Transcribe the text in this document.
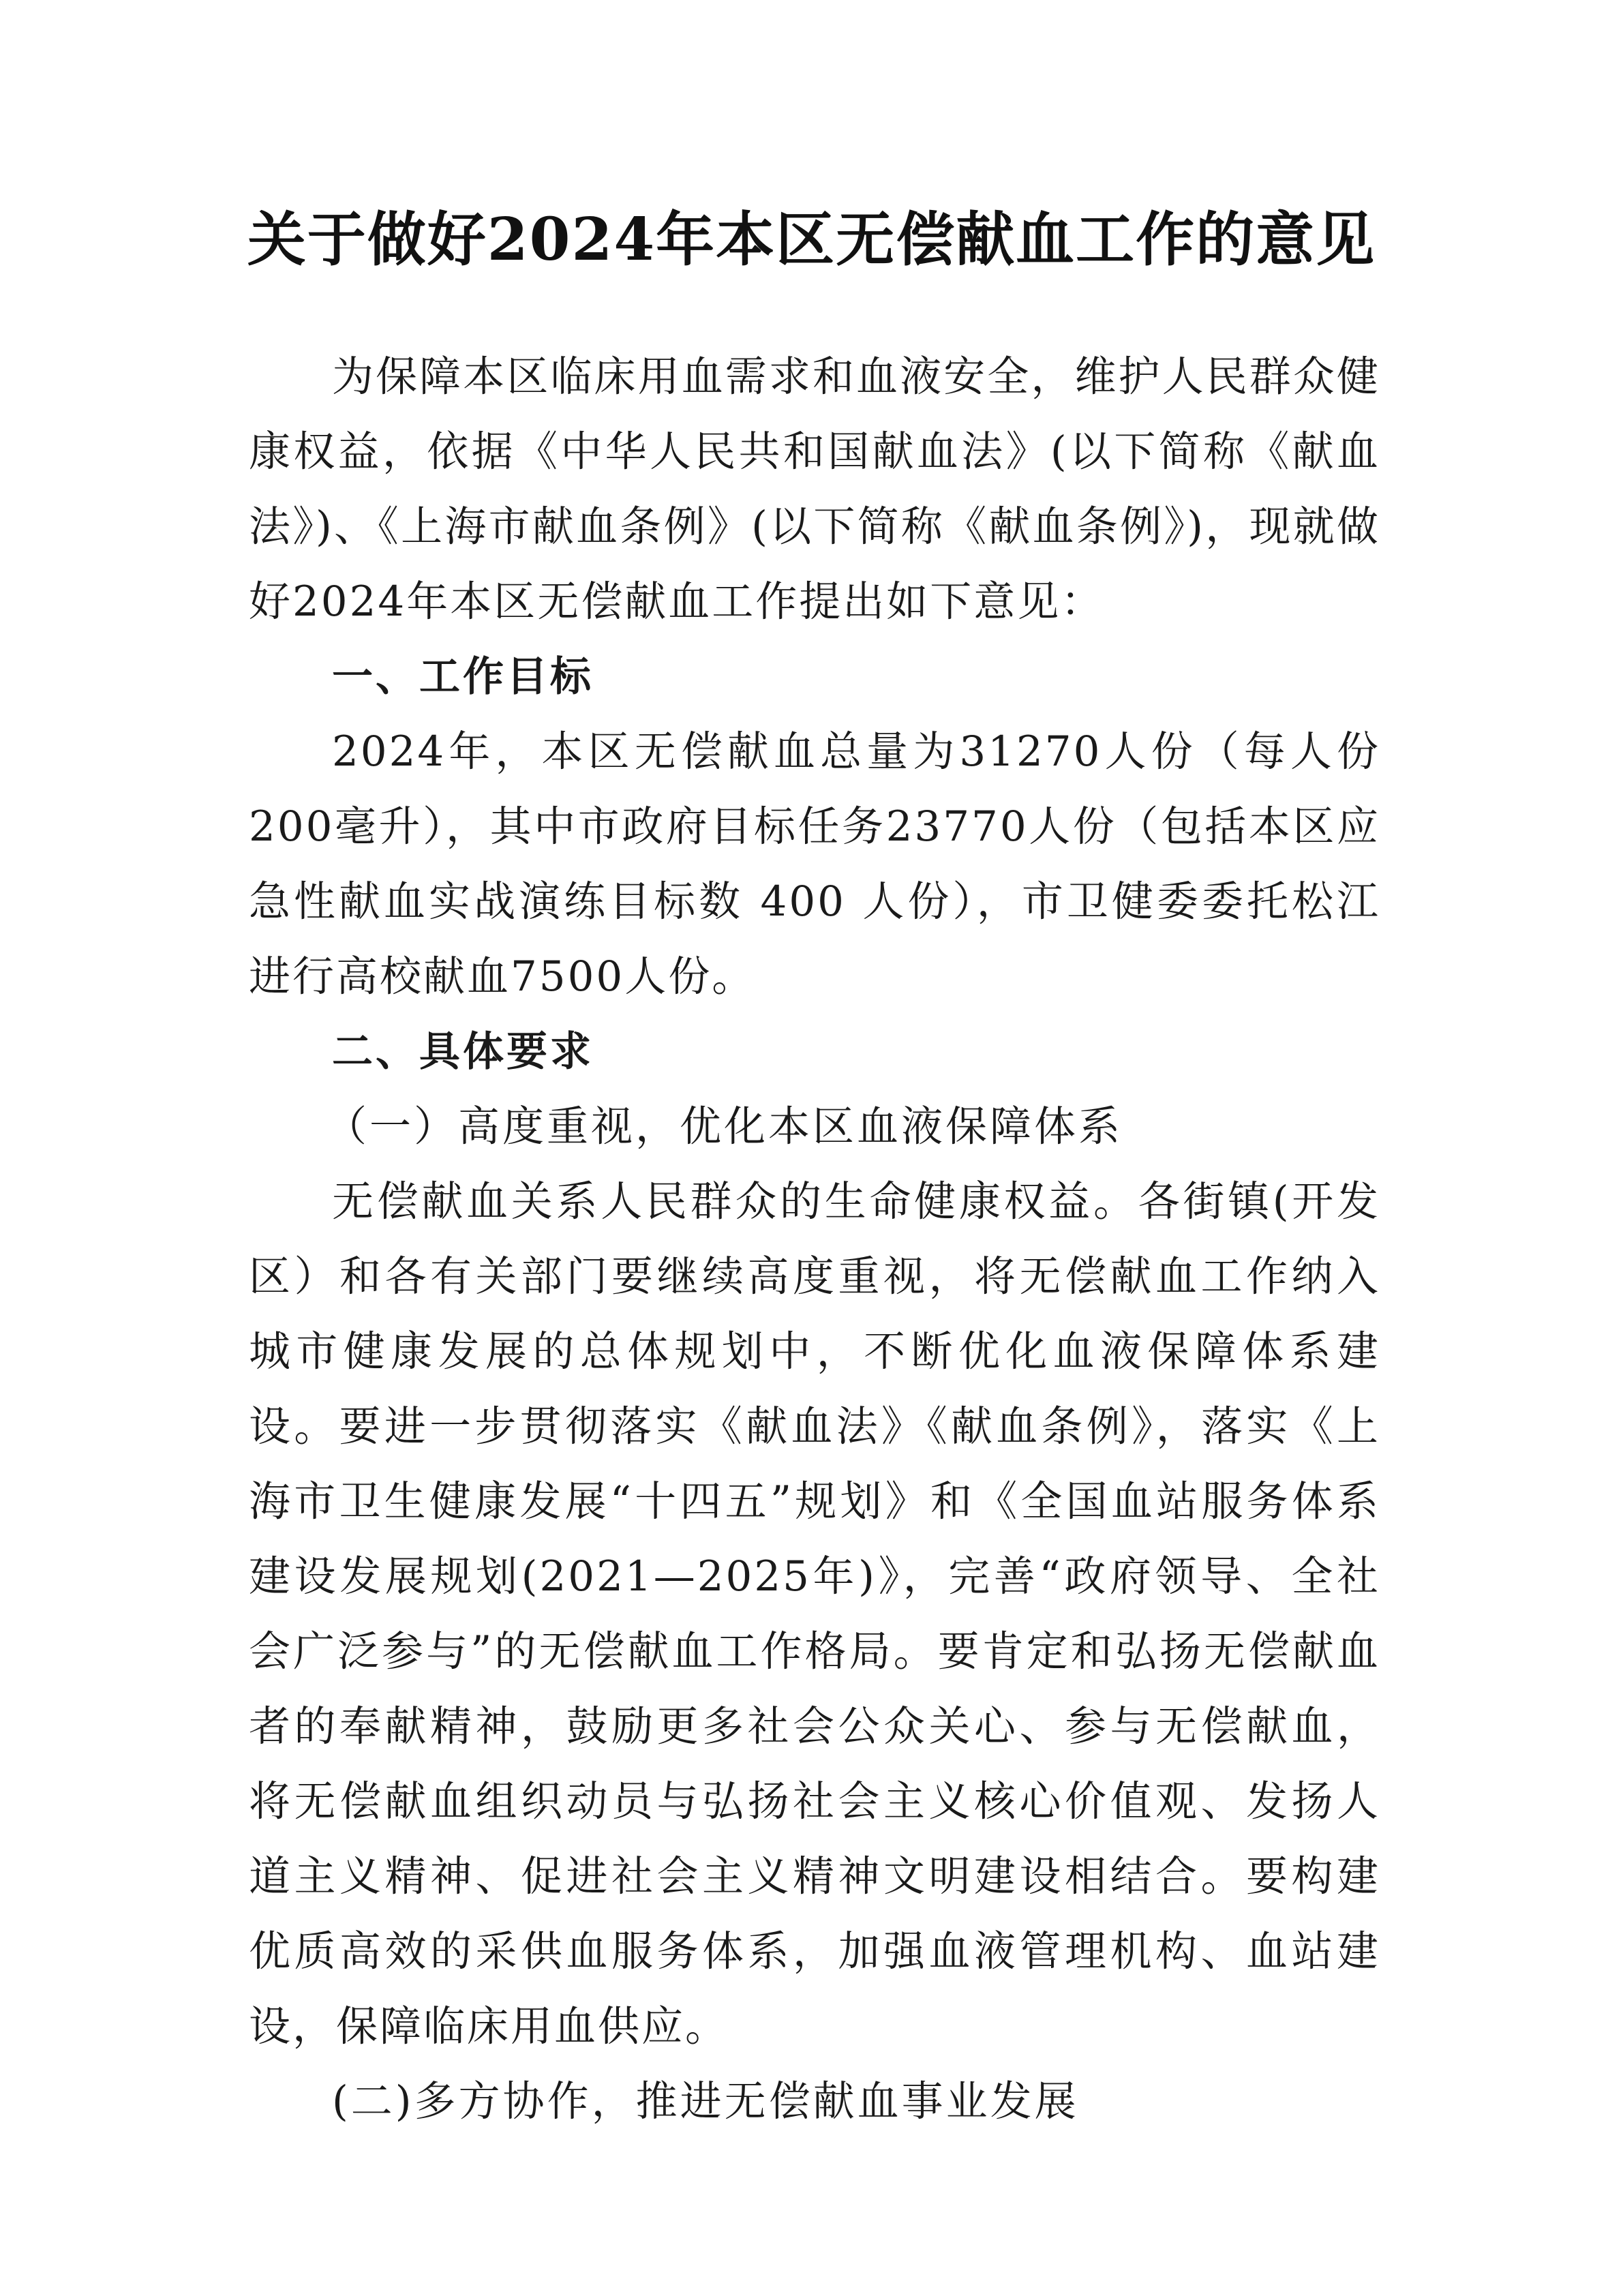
关于做好2024年本区无偿献血工作的意见

为保障本区临床用血需求和血液安全，维护人民群众健康权益，依据《中华人民共和国献血法》(以下简称《献血法》)、《上海市献血条例》(以下简称《献血条例》)，现就做好2024年本区无偿献血工作提出如下意见：

一、工作目标

2024年，本区无偿献血总量为31270人份（每人份200毫升），其中市政府目标任务23770人份（包括本区应急性献血实战演练目标数 400 人份），市卫健委委托松江进行高校献血7500人份。

二、具体要求

（一）高度重视，优化本区血液保障体系

无偿献血关系人民群众的生命健康权益。各街镇(开发区）和各有关部门要继续高度重视，将无偿献血工作纳入城市健康发展的总体规划中，不断优化血液保障体系建设。要进一步贯彻落实《献血法》《献血条例》，落实《上海市卫生健康发展“十四五”规划》和《全国血站服务体系建设发展规划(2021—2025年)》，完善“政府领导、全社会广泛参与”的无偿献血工作格局。要肯定和弘扬无偿献血者的奉献精神，鼓励更多社会公众关心、参与无偿献血，将无偿献血组织动员与弘扬社会主义核心价值观、发扬人道主义精神、促进社会主义精神文明建设相结合。要构建优质高效的采供血服务体系，加强血液管理机构、血站建设，保障临床用血供应。

(二)多方协作，推进无偿献血事业发展
